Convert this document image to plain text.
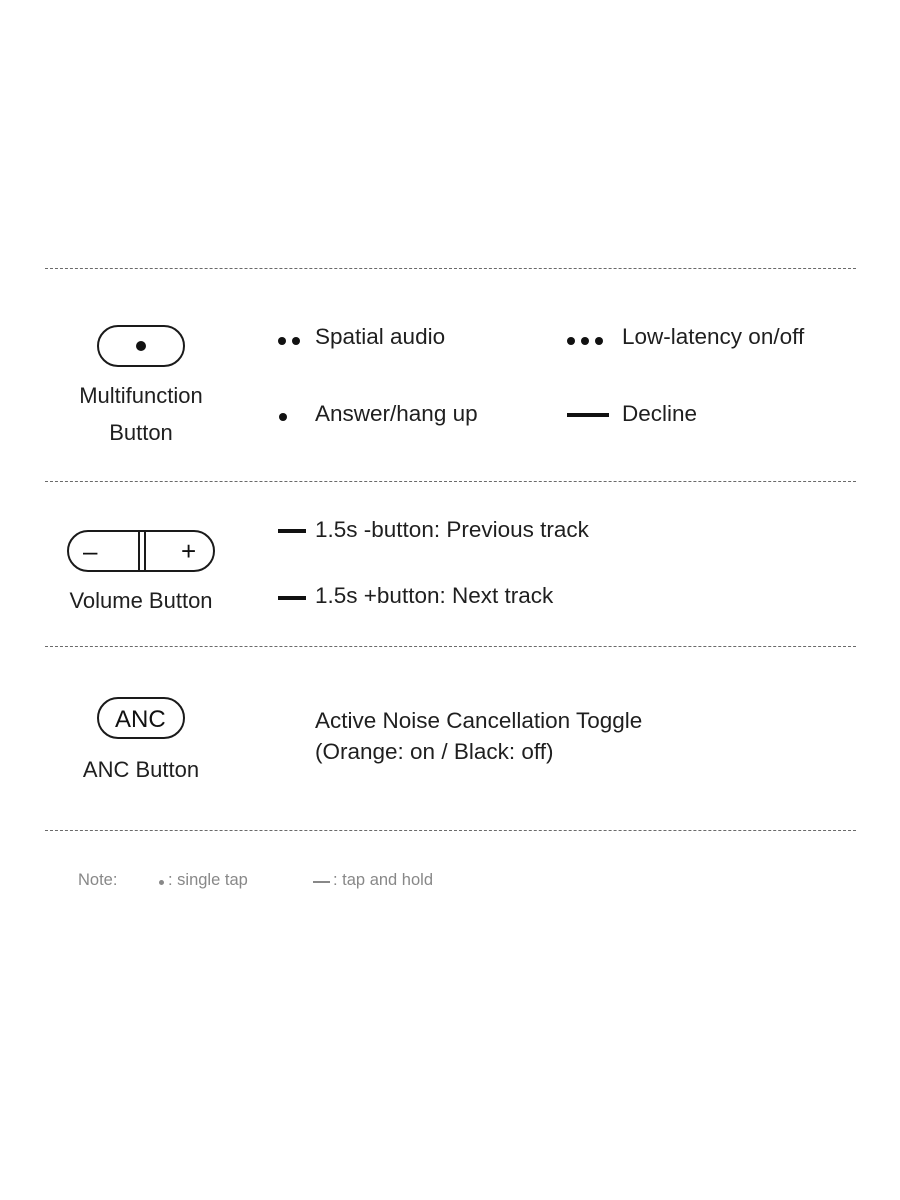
Multifunction
Button
Spatial audio	Low-latency on/off
Answer/hang up	Decline
–	+
Volume Button
1.5s -button: Previous track
1.5s +button: Next track
ANC
ANC Button
Active Noise Cancellation Toggle
(Orange: on / Black: off)
Note:	: single tap	: tap and hold
